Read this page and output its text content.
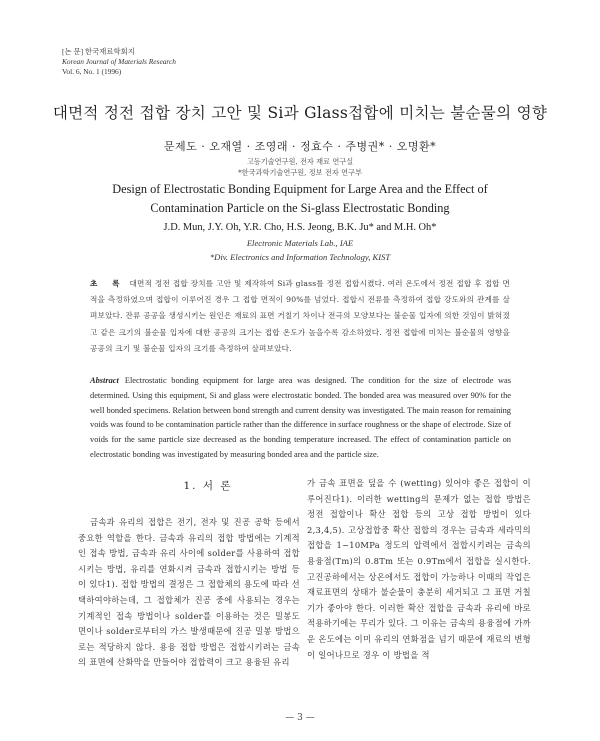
[논 문] 한국재료학회지
Korean Journal of Materials Research
Vol. 6, No. 1 (1996)
대면적 정전 접합 장치 고안 및 Si과 Glass접합에 미치는 불순물의 영향
문제도 · 오재열 · 조영래 · 정효수 · 주병권* · 오명환*
고등기술연구원, 전자 재료 연구실
*한국과학기술연구원, 정보 전자 연구부
Design of Electrostatic Bonding Equipment for Large Area and the Effect of
Contamination Particle on the Si-glass Electrostatic Bonding
J.D. Mun, J.Y. Oh, Y.R. Cho, H.S. Jeong, B.K. Ju* and M.H. Oh*
Electronic Materials Lab., IAE
*Div. Electronics and Information Technology, KIST
초 록 대면적 정전 접합 장치를 고안 및 제작하여 Si과 glass를 정전 접합시켰다. 여러 온도에서 정전 접합 후 접합 면적을 측정하였으며 접합이 이루어진 경우 그 접합 면적이 90%를 넘었다. 접합시 전류를 측정하여 접합 강도와의 관계를 살펴보았다. 잔류 공공을 생성시키는 원인은 재료의 표면 거칠기 차이나 전극의 모양보다는 불순물 입자에 의한 것임이 밝혀졌고 같은 크기의 불순물 입자에 대한 공공의 크기는 접합 온도가 높을수록 감소하였다. 정전 접합에 미치는 불순물의 영향을 공공의 크기 및 불순물 입자의 크기를 측정하여 살펴보았다.
Abstract Electrostatic bonding equipment for large area was designed. The condition for the size of electrode was determined. Using this equipment, Si and glass were electrostatic bonded. The bonded area was measured over 90% for the well bonded specimens. Relation between bond strength and current density was investigated. The main reason for remaining voids was found to be contamination particle rather than the difference in surface roughness or the shape of electrode. Size of voids for the same particle size decreased as the bonding temperature increased. The effect of contamination particle on electrostatic bonding was investigated by measuring bonded area and the particle size.
1. 서 론
금속과 유리의 접합은 전기, 전자 및 진공 공학 등에서 중요한 역할을 한다. 금속과 유리의 접합 방법에는 기계적인 접속 방법, 금속과 유리 사이에 solder를 사용하여 접합시키는 방법, 유리를 연화시켜 금속과 접합시키는 방법 등이 있다1). 접합 방법의 결정은 그 접합체의 용도에 따라 선택하여야하는데, 그 접합체가 진공 중에 사용되는 경우는 기계적인 접속 방법이나 solder를 이용하는 것은 밀봉도 면이나 solder로부터의 가스 발생때문에 진공 밀봉 방법으로는 적당하지 않다. 용융 접합 방법은 접합시키려는 금속의 표면에 산화막을 만들어야 접합력이 크고 용융된 유리
가 금속 표면을 덮을 수 (wetting) 있어야 좋은 접합이 이루어진다1). 이러한 wetting의 문제가 없는 접합 방법은 정전 접합이나 확산 접합 등의 고상 접합 방법이 있다2,3,4,5). 고상접합중 확산 접합의 경우는 금속과 세라믹의 접합을 1~10MPa 정도의 압력에서 접합시키려는 금속의 용융점(Tm)의 0.8Tm 또는 0.9Tm에서 접합을 실시한다. 고진공하에서는 상온에서도 접합이 가능하나 이때의 작업은 재료표면의 상태가 불순물이 충분히 세거되고 그 표면 거칠기가 좋아야 한다. 이러한 확산 접합을 금속과 유리에 바로 적용하기에는 무리가 있다. 그 이유는 금속의 용융점에 가까운 온도에는 이미 유리의 연화점을 넘기 때문에 재료의 변형이 일어나므로 경우 이 방법을 적
— 3 —
